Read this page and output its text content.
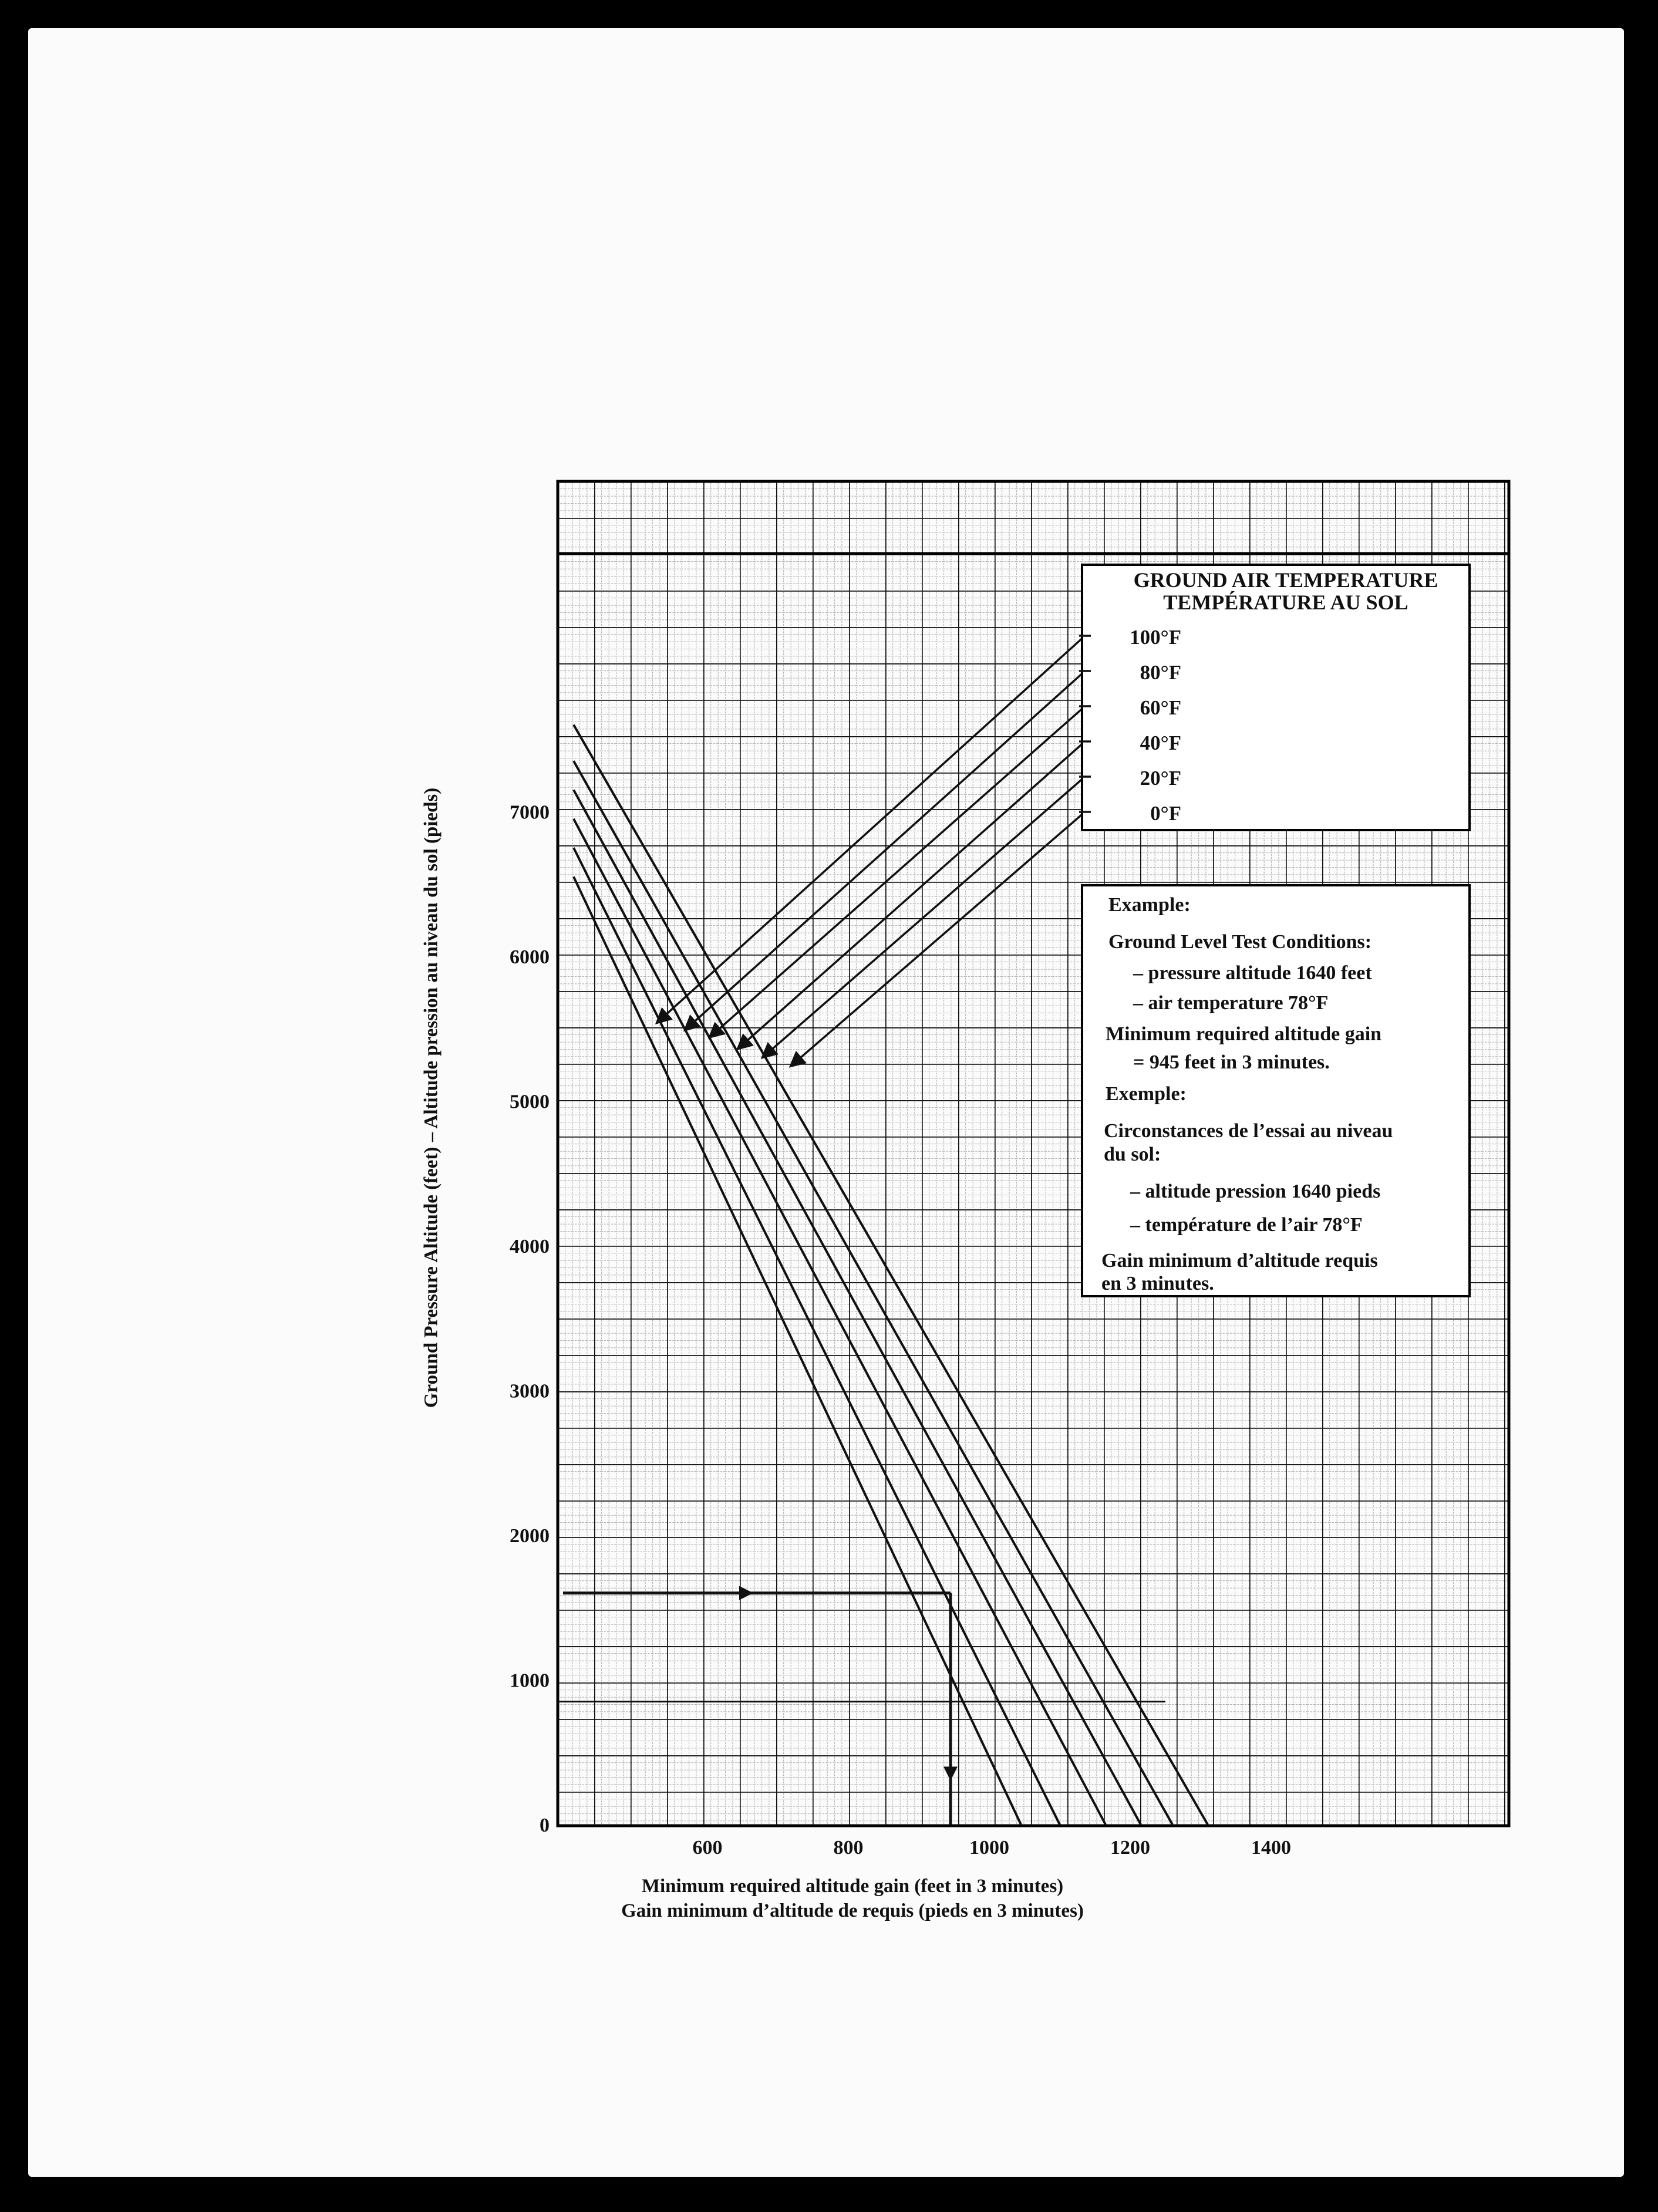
0
1000
2000
3000
4000
5000
6000
7000
600	800	1000	1200	1400
GROUND AIR TEMPERATURE
TEMPÉRATURE AU SOL
100°F
80°F
60°F
40°F
20°F
0°F
Example:
Ground Level Test Conditions:
– pressure altitude 1640 feet
– air temperature 78°F
Minimum required altitude gain
= 945 feet in 3 minutes.
Exemple:
Circonstances de l’essai au niveau
du sol:
– altitude pression 1640 pieds
– température de l’air 78°F
Gain minimum d’altitude requis
en 3 minutes.
Ground Pressure Altitude (feet) – Altitude pression au niveau du sol (pieds)
Minimum required altitude gain (feet in 3 minutes)
Gain minimum d’altitude de requis (pieds en 3 minutes)
